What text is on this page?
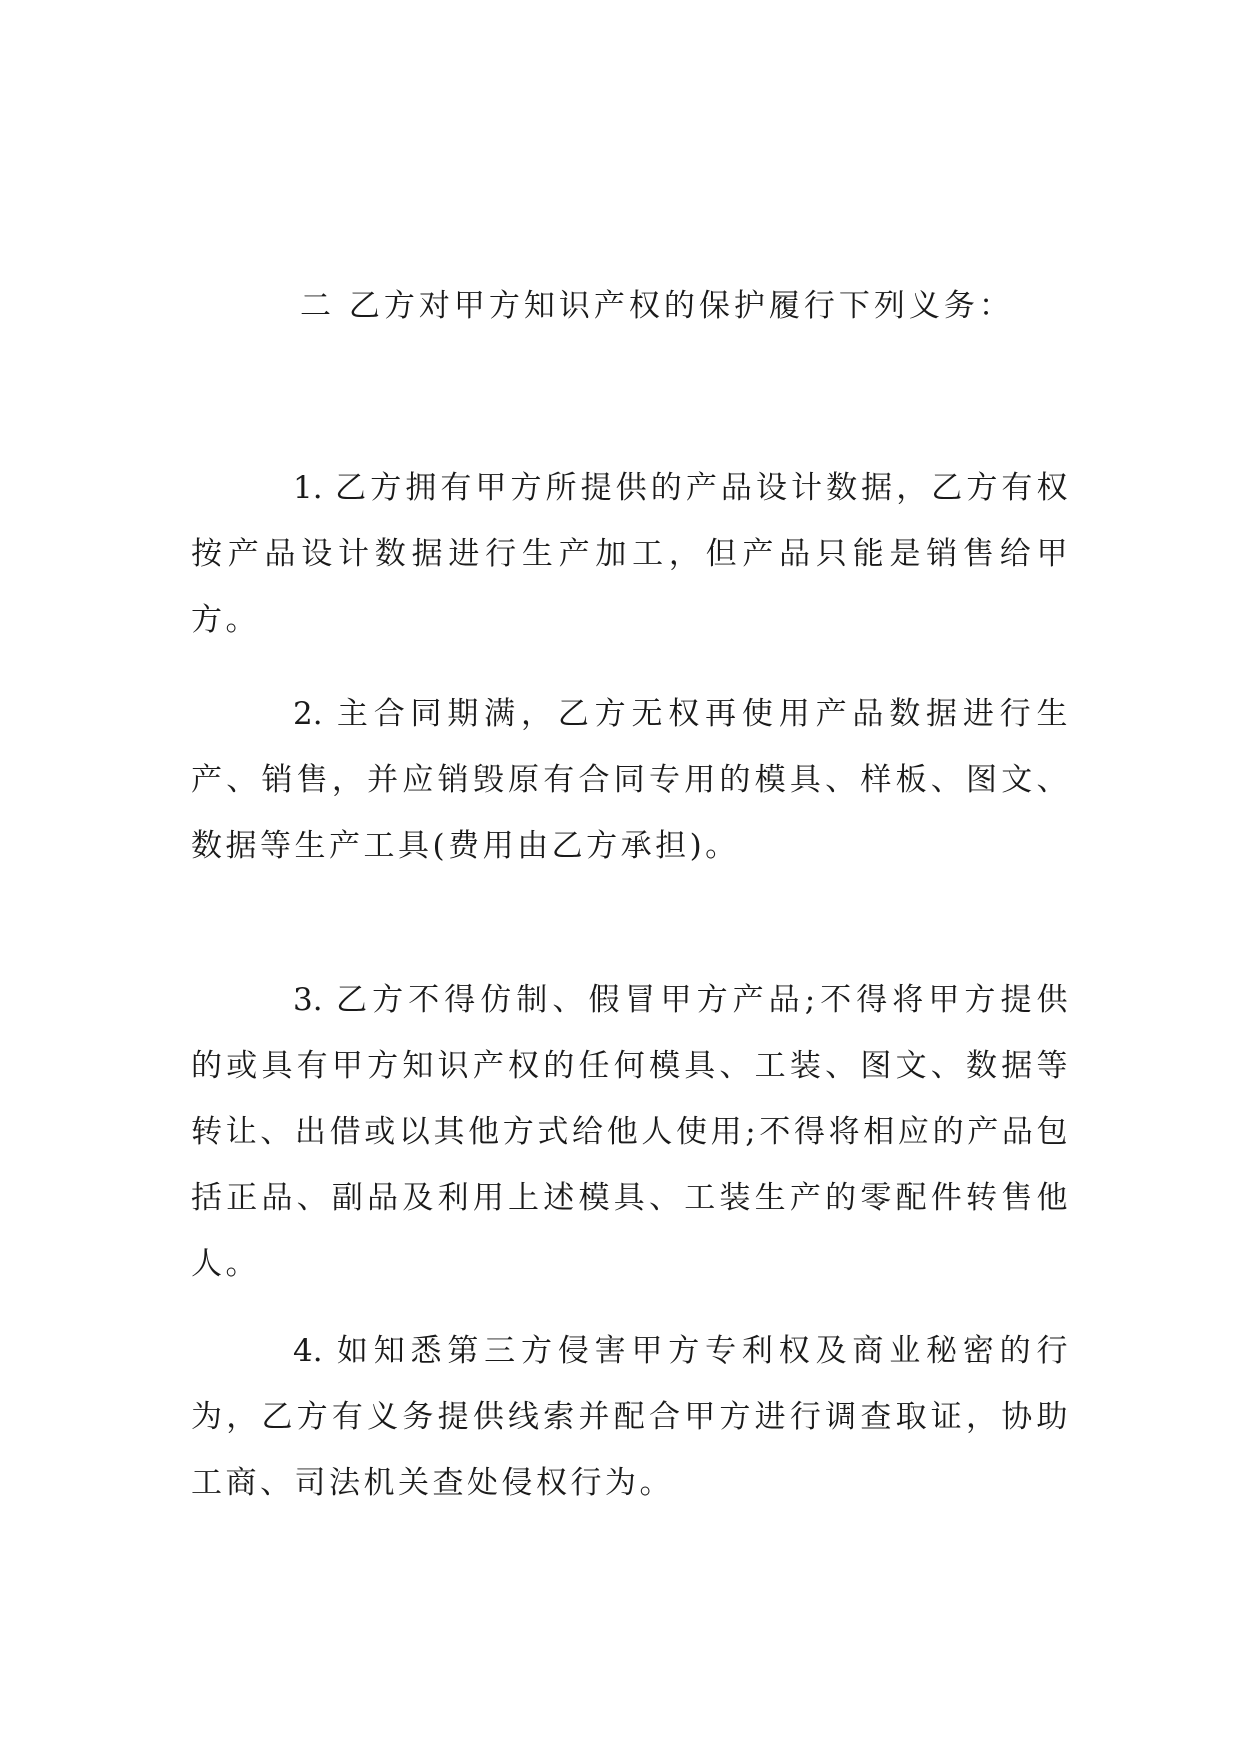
二 乙方对甲方知识产权的保护履行下列义务：

1. 乙方拥有甲方所提供的产品设计数据，乙方有权按产品设计数据进行生产加工，但产品只能是销售给甲方。

2. 主合同期满，乙方无权再使用产品数据进行生产、销售，并应销毁原有合同专用的模具、样板、图文、数据等生产工具(费用由乙方承担)。

3. 乙方不得仿制、假冒甲方产品;不得将甲方提供的或具有甲方知识产权的任何模具、工装、图文、数据等转让、出借或以其他方式给他人使用;不得将相应的产品包括正品、副品及利用上述模具、工装生产的零配件转售他人。

4. 如知悉第三方侵害甲方专利权及商业秘密的行为，乙方有义务提供线索并配合甲方进行调查取证，协助工商、司法机关查处侵权行为。
